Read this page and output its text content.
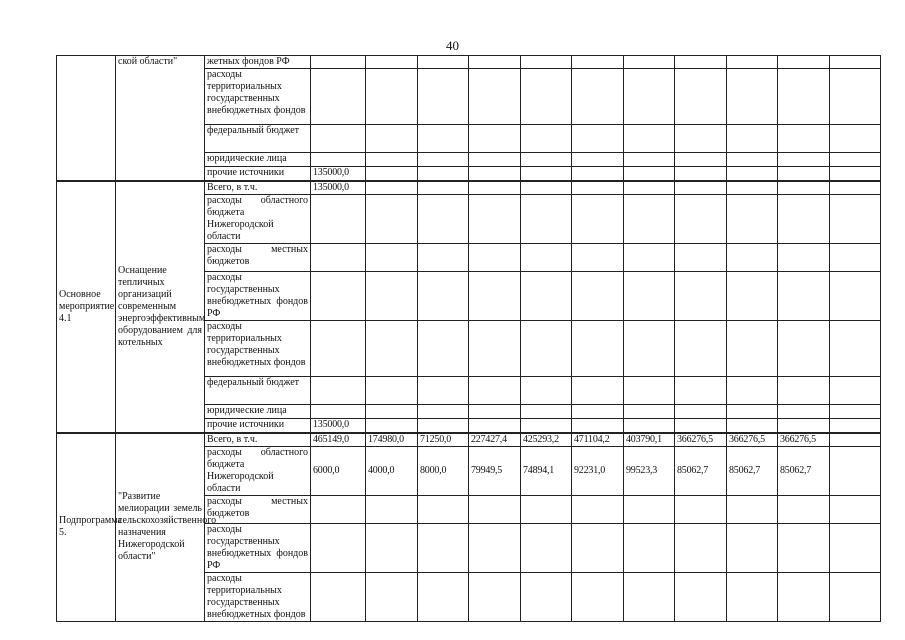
40
	ской области"	жетных фондов РФ											
		расходы территориальных государственных внебюджетных фондов											
		федеральный бюджет											
		юридические лица											
		прочие источники	135000,0										
Основное мероприятие 4.1	Оснащение тепличных организаций современным энергоэффективным оборудованием для котельных	Всего, в т.ч.	135000,0										
		расходы областного бюджета Нижегородской области											
		расходы местных бюджетов											
		расходы государственных внебюджетных фондов РФ											
		расходы территориальных государственных внебюджетных фондов											
		федеральный бюджет											
		юридические лица											
		прочие источники	135000,0										
Подпрограмма 5.	"Развитие мелиорации земель сельскохозяйственного назначения Нижегородской области"	Всего, в т.ч.	465149,0	174980,0	71250,0	227427,4	425293,2	471104,2	403790,1	366276,5	366276,5	366276,5	
		расходы областного бюджета Нижегородской области	6000,0	4000,0	8000,0	79949,5	74894,1	92231,0	99523,3	85062,7	85062,7	85062,7	
		расходы местных бюджетов											
		расходы государственных внебюджетных фондов РФ											
		расходы территориальных государственных внебюджетных фондов											
